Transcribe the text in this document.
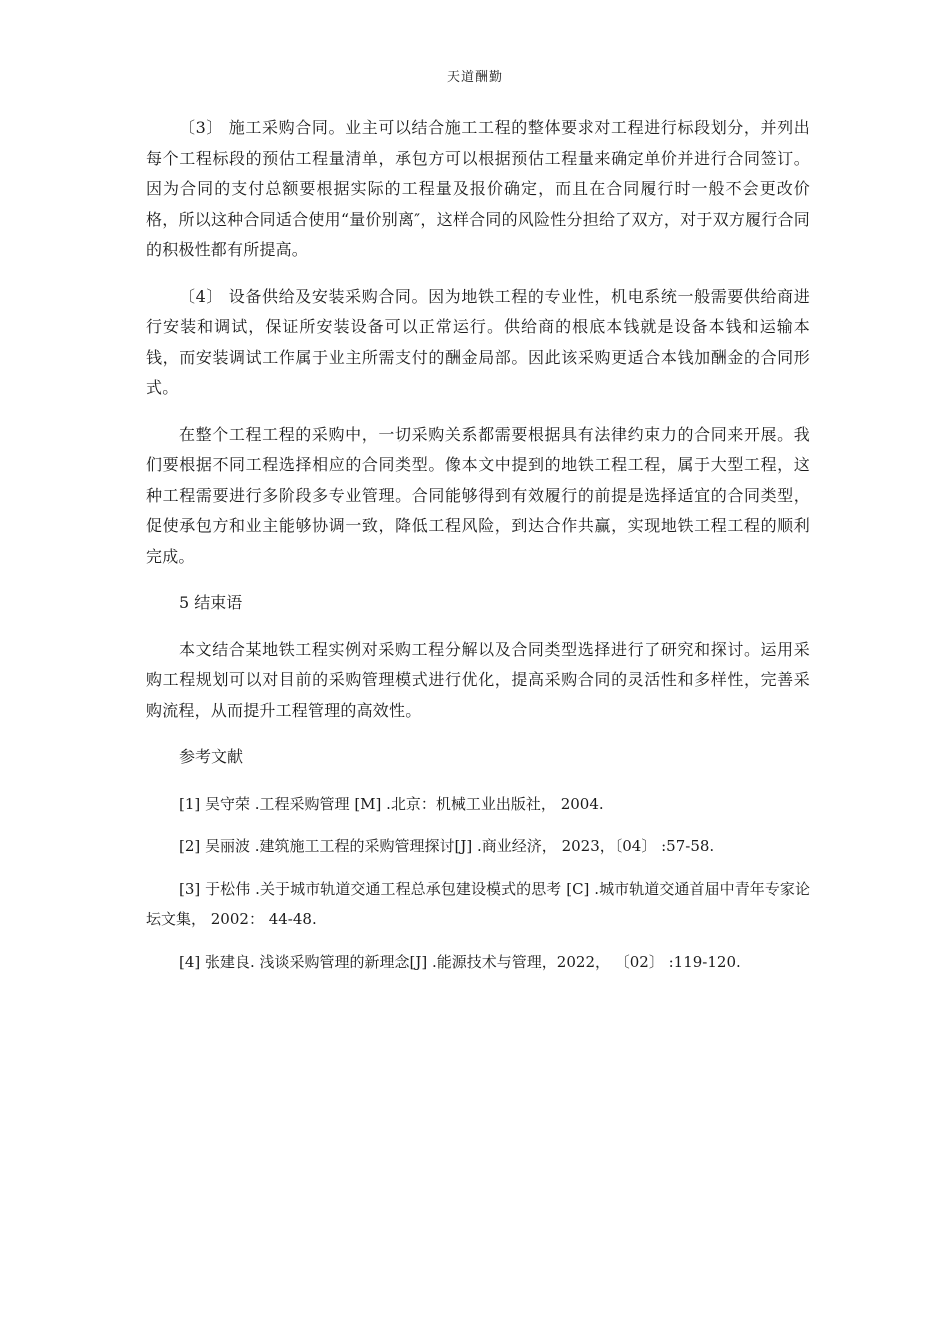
天道酬勤

〔3〕 施工采购合同。业主可以结合施工工程的整体要求对工程进行标段划分，并列出每个工程标段的预估工程量清单，承包方可以根据预估工程量来确定单价并进行合同签订。因为合同的支付总额要根据实际的工程量及报价确定，而且在合同履行时一般不会更改价格，所以这种合同适合使用“量价别离″，这样合同的风险性分担给了双方，对于双方履行合同的积极性都有所提高。

〔4〕 设备供给及安装采购合同。因为地铁工程的专业性，机电系统一般需要供给商进行安装和调试，保证所安装设备可以正常运行。供给商的根底本钱就是设备本钱和运输本钱，而安装调试工作属于业主所需支付的酬金局部。因此该采购更适合本钱加酬金的合同形式。

在整个工程工程的采购中，一切采购关系都需要根据具有法律约束力的合同来开展。我们要根据不同工程选择相应的合同类型。像本文中提到的地铁工程工程，属于大型工程，这种工程需要进行多阶段多专业管理。合同能够得到有效履行的前提是选择适宜的合同类型，促使承包方和业主能够协调一致，降低工程风险，到达合作共赢，实现地铁工程工程的顺利完成。

5 结束语

本文结合某地铁工程实例对采购工程分解以及合同类型选择进行了研究和探讨。运用采购工程规划可以对目前的采购管理模式进行优化，提高采购合同的灵活性和多样性，完善采购流程，从而提升工程管理的高效性。

参考文献

[1] 吴守荣 .工程采购管理 [M] .北京：机械工业出版社， 2004.

[2] 吴丽波 .建筑施工工程的采购管理探讨[J] .商业经济， 2023，〔04〕 :57-58.

[3] 于松伟 .关于城市轨道交通工程总承包建设模式的思考 [C] .城市轨道交通首届中青年专家论坛文集， 2002： 44-48.

[4] 张建良. 浅谈采购管理的新理念[J] .能源技术与管理，2022， 〔02〕 :119-120.
